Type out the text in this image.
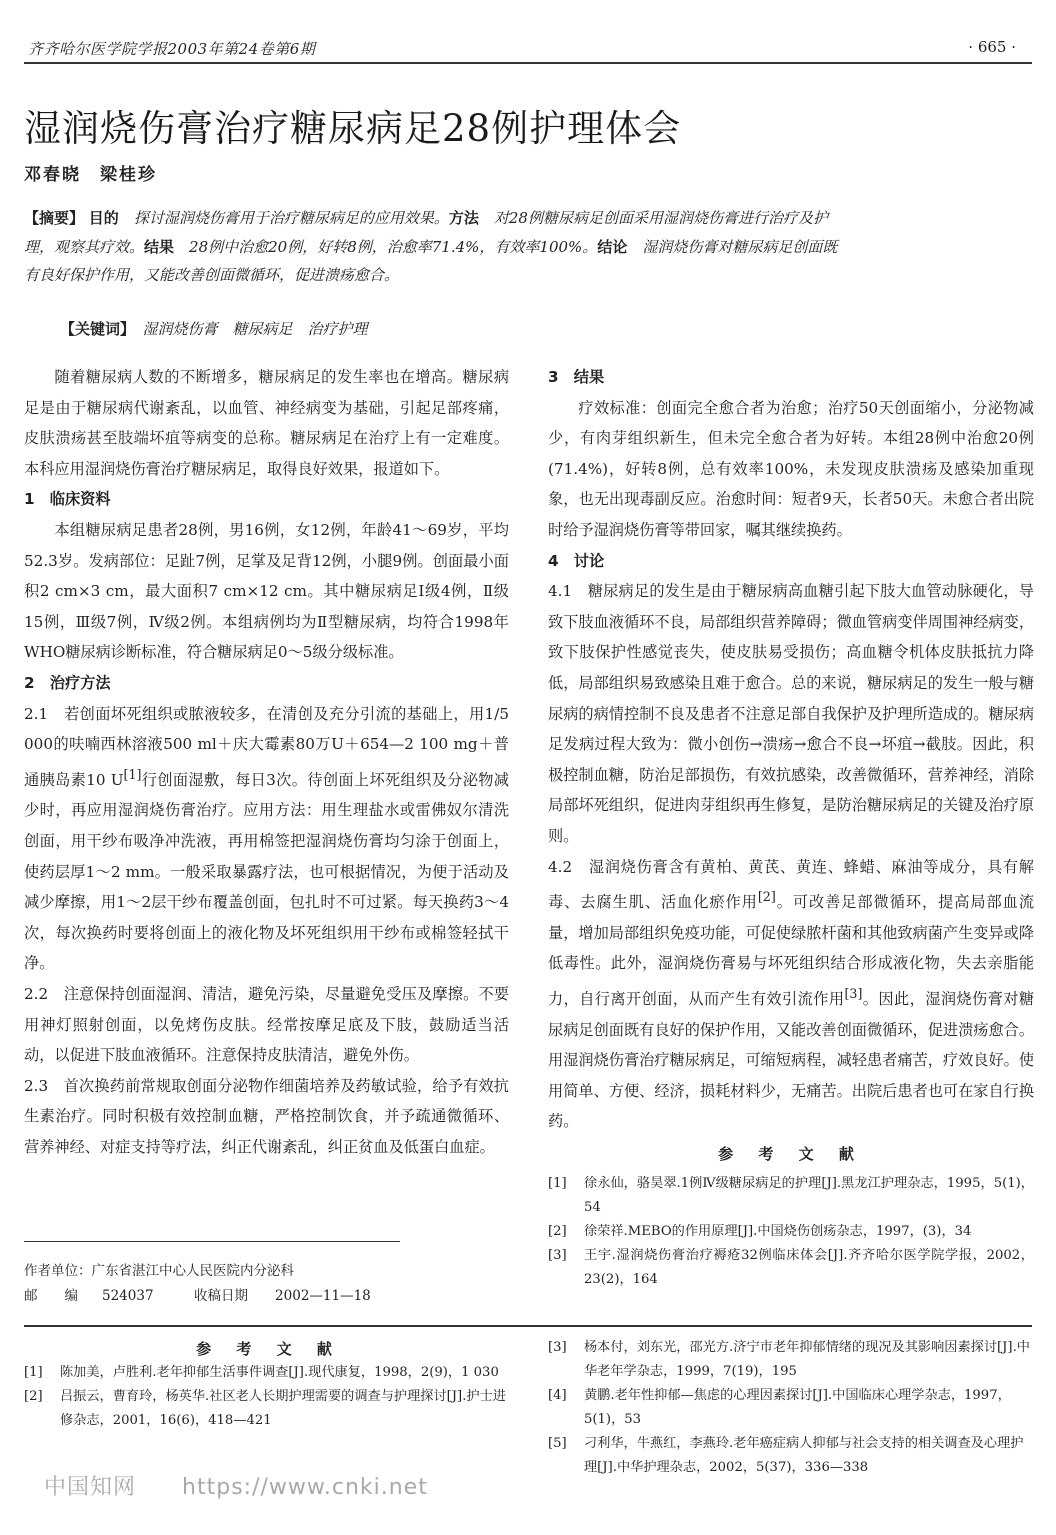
齐齐哈尔医学院学报2003年第24卷第6期	· 665 ·
湿润烧伤膏治疗糖尿病足28例护理体会
邓春晓　梁桂珍
【摘要】 目的　 探讨湿润烧伤膏用于治疗糖尿病足的应用效果。方法　 对28例糖尿病足创面采用湿润烧伤膏进行治疗及护理，观察其疗效。结果　 28例中治愈20例，好转8例，治愈率71.4%，有效率100%。结论　 湿润烧伤膏对糖尿病足创面既有良好保护作用，又能改善创面微循环，促进溃疡愈合。
【关键词】　 湿润烧伤膏　糖尿病足　治疗护理

随着糖尿病人数的不断增多，糖尿病足的发生率也在增高。糖尿病足是由于糖尿病代谢紊乱，以血管、神经病变为基础，引起足部疼痛，皮肤溃疡甚至肢端坏疽等病变的总称。糖尿病足在治疗上有一定难度。本科应用湿润烧伤膏治疗糖尿病足，取得良好效果，报道如下。

1　临床资料

本组糖尿病足患者28例，男16例，女12例，年龄41～69岁，平均52.3岁。发病部位：足趾7例，足掌及足背12例，小腿9例。创面最小面积2 cm×3 cm，最大面积7 cm×12 cm。其中糖尿病足Ⅰ级4例，Ⅱ级15例，Ⅲ级7例，Ⅳ级2例。本组病例均为Ⅱ型糖尿病，均符合1998年WHO糖尿病诊断标准，符合糖尿病足0～5级分级标准。

2　治疗方法

2.1　若创面坏死组织或脓液较多，在清创及充分引流的基础上，用1/5 000的呋喃西林溶液500 ml＋庆大霉素80万U＋654—2 100 mg＋普通胰岛素10 U[1]行创面湿敷，每日3次。待创面上坏死组织及分泌物减少时，再应用湿润烧伤膏治疗。应用方法：用生理盐水或雷佛奴尔清洗创面，用干纱布吸净冲洗液，再用棉签把湿润烧伤膏均匀涂于创面上，使药层厚1～2 mm。一般采取暴露疗法，也可根据情况，为便于活动及减少摩擦，用1～2层干纱布覆盖创面，包扎时不可过紧。每天换药3～4次，每次换药时要将创面上的液化物及坏死组织用干纱布或棉签轻拭干净。

2.2　注意保持创面湿润、清洁，避免污染，尽量避免受压及摩擦。不要用神灯照射创面，以免烤伤皮肤。经常按摩足底及下肢，鼓励适当活动，以促进下肢血液循环。注意保持皮肤清洁，避免外伤。

2.3　首次换药前常规取创面分泌物作细菌培养及药敏试验，给予有效抗生素治疗。同时积极有效控制血糖，严格控制饮食，并予疏通微循环、营养神经、对症支持等疗法，纠正代谢紊乱，纠正贫血及低蛋白血症。

3　结果

疗效标准：创面完全愈合者为治愈；治疗50天创面缩小，分泌物减少，有肉芽组织新生，但未完全愈合者为好转。本组28例中治愈20例(71.4%)，好转8例，总有效率100%，未发现皮肤溃疡及感染加重现象，也无出现毒副反应。治愈时间：短者9天，长者50天。未愈合者出院时给予湿润烧伤膏等带回家，嘱其继续换药。

4　讨论

4.1　糖尿病足的发生是由于糖尿病高血糖引起下肢大血管动脉硬化，导致下肢血液循环不良，局部组织营养障碍；微血管病变伴周围神经病变，致下肢保护性感觉丧失，使皮肤易受损伤；高血糖令机体皮肤抵抗力降低，局部组织易致感染且难于愈合。总的来说，糖尿病足的发生一般与糖尿病的病情控制不良及患者不注意足部自我保护及护理所造成的。糖尿病足发病过程大致为：微小创伤→溃疡→愈合不良→坏疽→截肢。因此，积极控制血糖，防治足部损伤，有效抗感染，改善微循环，营养神经，消除局部坏死组织，促进肉芽组织再生修复，是防治糖尿病足的关键及治疗原则。

4.2　湿润烧伤膏含有黄柏、黄芪、黄连、蜂蜡、麻油等成分，具有解毒、去腐生肌、活血化瘀作用[2]。可改善足部微循环，提高局部血流量，增加局部组织免疫功能，可促使绿脓杆菌和其他致病菌产生变异或降低毒性。此外，湿润烧伤膏易与坏死组织结合形成液化物，失去亲脂能力，自行离开创面，从而产生有效引流作用[3]。因此，湿润烧伤膏对糖尿病足创面既有良好的保护作用，又能改善创面微循环，促进溃疡愈合。用湿润烧伤膏治疗糖尿病足，可缩短病程，减轻患者痛苦，疗效良好。使用简单、方便、经济，损耗材料少，无痛苦。出院后患者也可在家自行换药。

参 考 文 献
[1]	徐永仙，骆昊翠.1例Ⅳ级糖尿病足的护理[J].黑龙江护理杂志，1995，5(1)，54
[2]	徐荣祥.MEBO的作用原理[J].中国烧伤创疡杂志，1997，(3)，34
[3]	王宇.湿润烧伤膏治疗褥疮32例临床体会[J].齐齐哈尔医学院学报，2002，23(2)，164
作者单位：广东省湛江中心人民医院内分泌科
邮　　编 524037　　　	收稿日期　　 2002—11—18
参 考 文 献
[1]	陈加美，卢胜利.老年抑郁生活事件调查[J].现代康复，1998，2(9)，1 030
[2]	吕振云，曹育玲，杨英华.社区老人长期护理需要的调查与护理探讨[J].护士进修杂志，2001，16(6)，418—421
[3]	杨本付，刘东光，邵光方.济宁市老年抑郁情绪的现况及其影响因素探讨[J].中华老年学杂志，1999，7(19)，195
[4]	黄鹏.老年性抑郁—焦虑的心理因素探讨[J].中国临床心理学杂志，1997，5(1)，53
[5]	刁利华，牛燕红，李燕玲.老年癌症病人抑郁与社会支持的相关调查及心理护理[J].中华护理杂志，2002，5(37)，336—338
中国知网　　 https://www.cnki.net
